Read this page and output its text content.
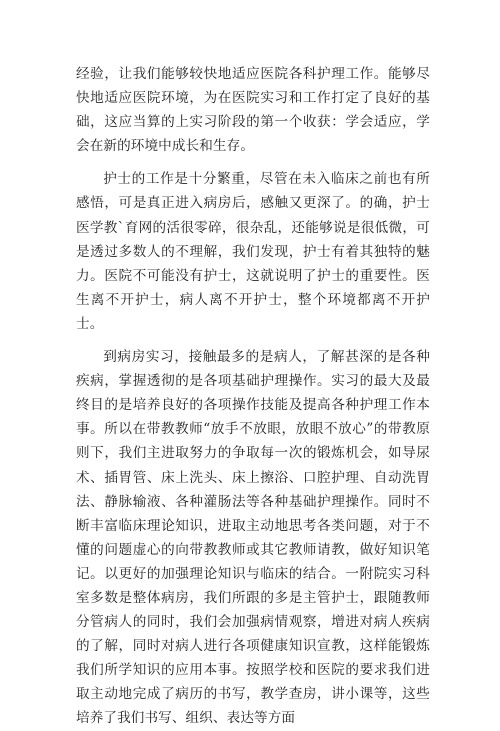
经验，让我们能够较快地适应医院各科护理工作。能够尽快地适应医院环境，为在医院实习和工作打定了良好的基础，这应当算的上实习阶段的第一个收获：学会适应，学会在新的环境中成长和生存。

护士的工作是十分繁重，尽管在未入临床之前也有所感悟，可是真正进入病房后，感触又更深了。的确，护士医学教`育网的活很零碎，很杂乱，还能够说是很低微，可是透过多数人的不理解，我们发现，护士有着其独特的魅力。医院不可能没有护士，这就说明了护士的重要性。医生离不开护士，病人离不开护士，整个环境都离不开护士。

到病房实习，接触最多的是病人，了解甚深的是各种疾病，掌握透彻的是各项基础护理操作。实习的最大及最终目的是培养良好的各项操作技能及提高各种护理工作本事。所以在带教教师“放手不放眼，放眼不放心”的带教原则下，我们主进取努力的争取每一次的锻炼机会，如导尿术、插胃管、床上洗头、床上擦浴、口腔护理、自动洗胃法、静脉输液、各种灌肠法等各种基础护理操作。同时不断丰富临床理论知识，进取主动地思考各类问题，对于不懂的问题虚心的向带教教师或其它教师请教，做好知识笔记。以更好的加强理论知识与临床的结合。一附院实习科室多数是整体病房，我们所跟的多是主管护士，跟随教师分管病人的同时，我们会加强病情观察，增进对病人疾病的了解，同时对病人进行各项健康知识宣教，这样能锻炼我们所学知识的应用本事。按照学校和医院的要求我们进取主动地完成了病历的书写，教学查房，讲小课等，这些培养了我们书写、组织、表达等方面
